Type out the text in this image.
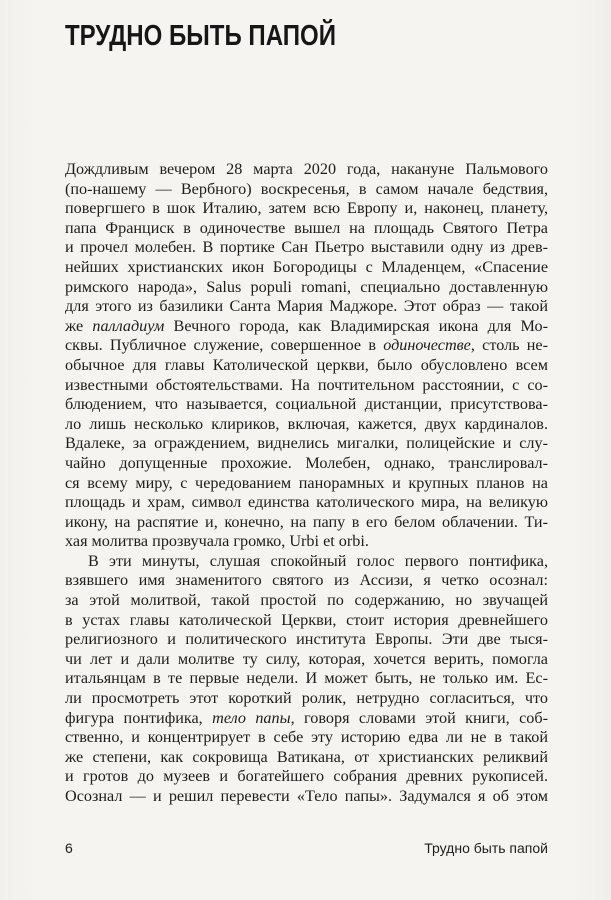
ТРУДНО БЫТЬ ПАПОЙ
Дождливым вечером 28 марта 2020 года, накануне Пальмового
(по-нашему — Вербного) воскресенья, в самом начале бедствия,
повергшего в шок Италию, затем всю Европу и, наконец, планету,
папа Франциск в одиночестве вышел на площадь Святого Петра
и прочел молебен. В портике Сан Пьетро выставили одну из древ-
нейших христианских икон Богородицы с Младенцем, «Спасение
римского народа», Salus populi romani, специально доставленную
для этого из базилики Санта Мария Маджоре. Этот образ — такой
же палладиум Вечного города, как Владимирская икона для Мо-
сквы. Публичное служение, совершенное в одиночестве, столь не-
обычное для главы Католической церкви, было обусловлено всем
известными обстоятельствами. На почтительном расстоянии, с со-
блюдением, что называется, социальной дистанции, присутствова-
ло лишь несколько клириков, включая, кажется, двух кардиналов.
Вдалеке, за ограждением, виднелись мигалки, полицейские и слу-
чайно допущенные прохожие. Молебен, однако, транслировал-
ся всему миру, с чередованием панорамных и крупных планов на
площадь и храм, символ единства католического мира, на великую
икону, на распятие и, конечно, на папу в его белом облачении. Ти-
хая молитва прозвучала громко, Urbi et orbi.
В эти минуты, слушая спокойный голос первого понтифика,
взявшего имя знаменитого святого из Ассизи, я четко осознал:
за этой молитвой, такой простой по содержанию, но звучащей
в устах главы католической Церкви, стоит история древнейшего
религиозного и политического института Европы. Эти две тыся-
чи лет и дали молитве ту силу, которая, хочется верить, помогла
итальянцам в те первые недели. И может быть, не только им. Ес-
ли просмотреть этот короткий ролик, нетрудно согласиться, что
фигура понтифика, тело папы, говоря словами этой книги, соб-
ственно, и концентрирует в себе эту историю едва ли не в такой
же степени, как сокровища Ватикана, от христианских реликвий
и гротов до музеев и богатейшего собрания древних рукописей.
Осознал — и решил перевести «Тело папы». Задумался я об этом
6	Трудно быть папой
